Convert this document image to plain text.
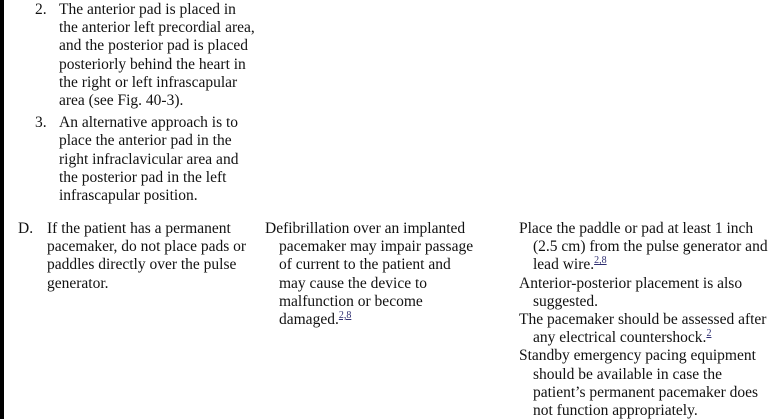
2. The anterior pad is placed in the anterior left precordial area, and the posterior pad is placed posteriorly behind the heart in the right or left infrascapular area (see Fig. 40-3).
3. An alternative approach is to place the anterior pad in the right infraclavicular area and the posterior pad in the left infrascapular position.
D. If the patient has a permanent pacemaker, do not place pads or paddles directly over the pulse generator.

Defibrillation over an implanted pacemaker may impair passage of current to the patient and may cause the device to malfunction or become damaged.$^{2,8}$

Place the paddle or pad at least 1 inch (2.5 cm) from the pulse generator and lead wire.$^{2,8}$

Anterior-posterior placement is also suggested.

The pacemaker should be assessed after any electrical countershock.$^2$

Standby emergency pacing equipment should be available in case the patient’s permanent pacemaker does not function appropriately.
